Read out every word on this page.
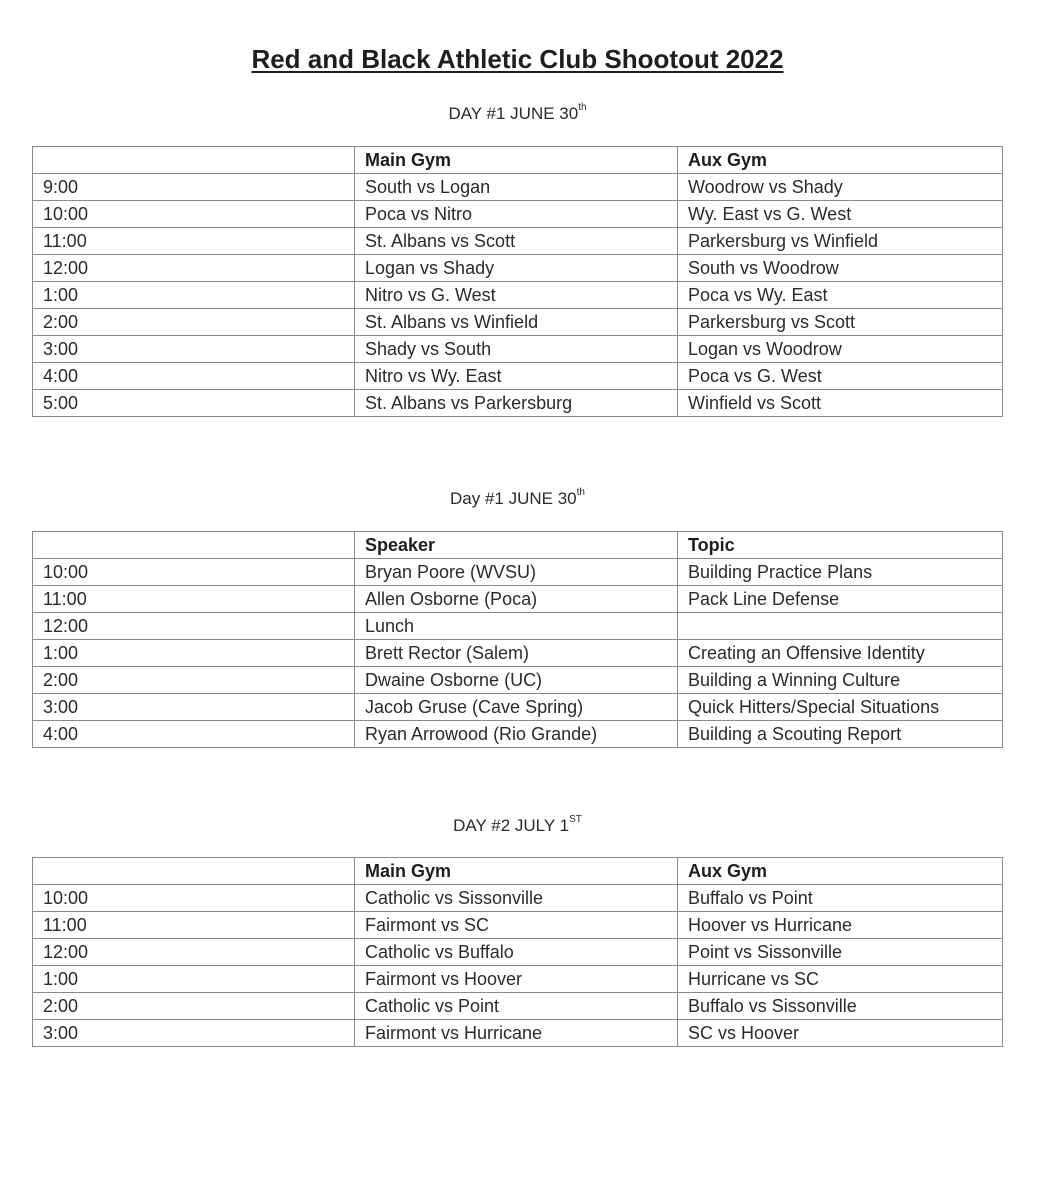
Red and Black Athletic Club Shootout 2022
DAY #1 JUNE 30th
	Main Gym	Aux Gym
9:00	South vs Logan	Woodrow vs Shady
10:00	Poca vs Nitro	Wy. East vs G. West
11:00	St. Albans vs Scott	Parkersburg vs Winfield
12:00	Logan vs Shady	South vs Woodrow
1:00	Nitro vs G. West	Poca vs Wy. East
2:00	St. Albans vs Winfield	Parkersburg vs Scott
3:00	Shady vs South	Logan vs Woodrow
4:00	Nitro vs Wy. East	Poca vs G. West
5:00	St. Albans vs Parkersburg	Winfield vs Scott
Day #1 JUNE 30th
	Speaker	Topic
10:00	Bryan Poore (WVSU)	Building Practice Plans
11:00	Allen Osborne (Poca)	Pack Line Defense
12:00	Lunch	
1:00	Brett Rector (Salem)	Creating an Offensive Identity
2:00	Dwaine Osborne (UC)	Building a Winning Culture
3:00	Jacob Gruse (Cave Spring)	Quick Hitters/Special Situations
4:00	Ryan Arrowood (Rio Grande)	Building a Scouting Report
DAY #2 JULY 1ST
	Main Gym	Aux Gym
10:00	Catholic vs Sissonville	Buffalo vs Point
11:00	Fairmont vs SC	Hoover vs Hurricane
12:00	Catholic vs Buffalo	Point vs Sissonville
1:00	Fairmont vs Hoover	Hurricane vs SC
2:00	Catholic vs Point	Buffalo vs Sissonville
3:00	Fairmont vs Hurricane	SC vs Hoover
